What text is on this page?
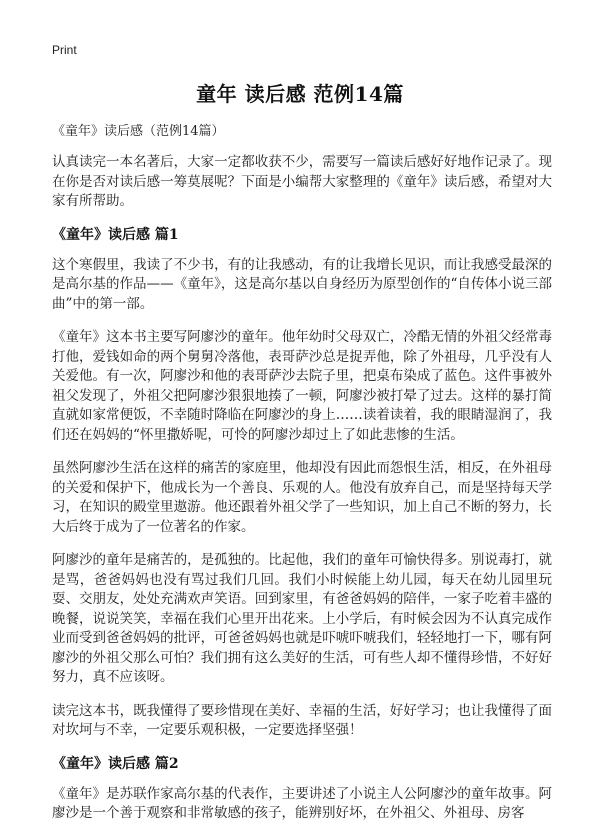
Print
童年 读后感 范例14篇
《童年》读后感（范例14篇）

认真读完一本名著后，大家一定都收获不少，需要写一篇读后感好好地作记录了。现在你是否对读后感一筹莫展呢？下面是小编帮大家整理的《童年》读后感，希望对大家有所帮助。

《童年》读后感 篇1

这个寒假里，我读了不少书，有的让我感动，有的让我增长见识，而让我感受最深的是高尔基的作品——《童年》，这是高尔基以自身经历为原型创作的“自传体小说三部曲”中的第一部。

《童年》这本书主要写阿廖沙的童年。他年幼时父母双亡，冷酷无情的外祖父经常毒打他，爱钱如命的两个舅舅冷落他，表哥萨沙总是捉弄他，除了外祖母，几乎没有人关爱他。有一次，阿廖沙和他的表哥萨沙去院子里，把桌布染成了蓝色。这件事被外祖父发现了，外祖父把阿廖沙狠狠地揍了一顿，阿廖沙被打晕了过去。这样的暴打简直就如家常便饭，不幸随时降临在阿廖沙的身上……读着读着，我的眼睛湿润了，我们还在妈妈的“怀里撒娇呢，可怜的阿廖沙却过上了如此悲惨的生活。

虽然阿廖沙生活在这样的痛苦的家庭里，他却没有因此而怨恨生活，相反，在外祖母的关爱和保护下，他成长为一个善良、乐观的人。他没有放弃自己，而是坚持每天学习，在知识的殿堂里遨游。他还跟着外祖父学了一些知识，加上自己不断的努力，长大后终于成为了一位著名的作家。

阿廖沙的童年是痛苦的，是孤独的。比起他，我们的童年可愉快得多。别说毒打，就是骂，爸爸妈妈也没有骂过我们几回。我们小时候能上幼儿园，每天在幼儿园里玩耍、交朋友，处处充满欢声笑语。回到家里，有爸爸妈妈的陪伴，一家子吃着丰盛的晚餐，说说笑笑，幸福在我们心里开出花来。上小学后，有时候会因为不认真完成作业而受到爸爸妈妈的批评，可爸爸妈妈也就是吓唬吓唬我们，轻轻地打一下，哪有阿廖沙的外祖父那么可怕？我们拥有这么美好的生活，可有些人却不懂得珍惜，不好好努力，真不应该呀。

读完这本书，既我懂得了要珍惜现在美好、幸福的生活，好好学习；也让我懂得了面对坎坷与不幸，一定要乐观积极，一定要选择坚强！

《童年》读后感 篇2

《童年》是苏联作家高尔基的代表作，主要讲述了小说主人公阿廖沙的童年故事。阿廖沙是一个善于观察和非常敏感的孩子，能辨别好坏，在外祖父、外祖母、房客
